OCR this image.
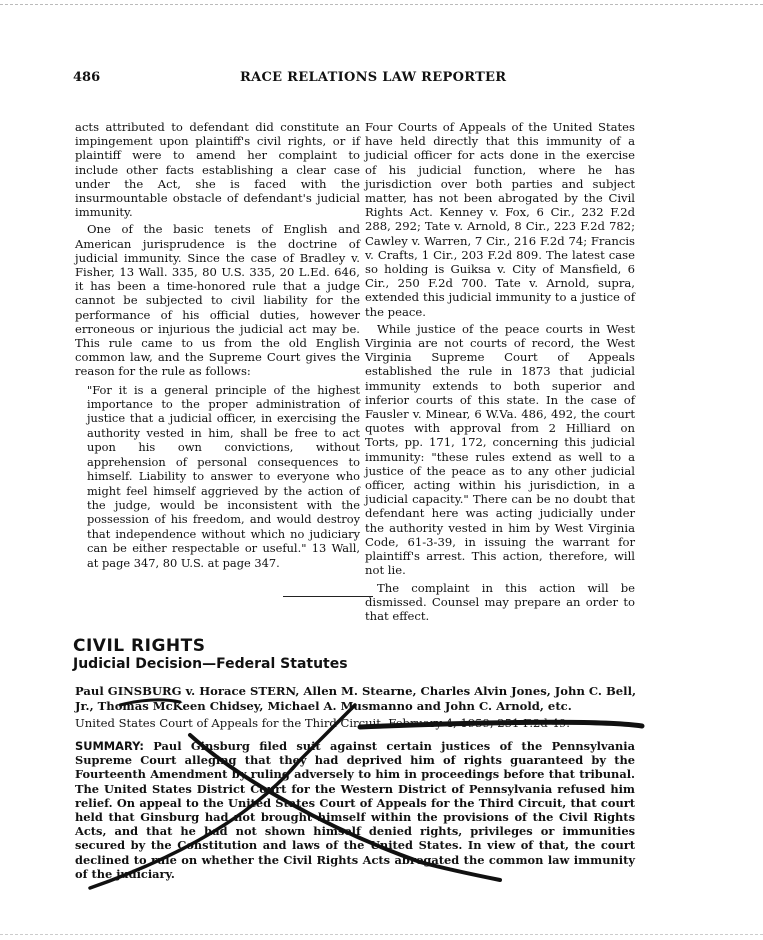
486	RACE RELATIONS LAW REPORTER

acts attributed to defendant did constitute an impingement upon plaintiff's civil rights, or if plaintiff were to amend her complaint to include other facts establishing a clear case under the Act, she is faced with the insurmountable obstacle of defendant's judicial immunity.

One of the basic tenets of English and American jurisprudence is the doctrine of judicial immunity. Since the case of Bradley v. Fisher, 13 Wall. 335, 80 U.S. 335, 20 L.Ed. 646, it has been a time-honored rule that a judge cannot be subjected to civil liability for the performance of his official duties, however erroneous or injurious the judicial act may be. This rule came to us from the old English common law, and the Supreme Court gives the reason for the rule as follows:

"For it is a general principle of the highest importance to the proper administration of justice that a judicial officer, in exercising the authority vested in him, shall be free to act upon his own convictions, without apprehension of personal consequences to himself. Liability to answer to everyone who might feel himself aggrieved by the action of the judge, would be inconsistent with the possession of his freedom, and would destroy that independence without which no judiciary can be either respectable or useful." 13 Wall, at page 347, 80 U.S. at page 347.

Four Courts of Appeals of the United States have held directly that this immunity of a judicial officer for acts done in the exercise of his judicial function, where he has jurisdiction over both parties and subject matter, has not been abrogated by the Civil Rights Act. Kenney v. Fox, 6 Cir., 232 F.2d 288, 292; Tate v. Arnold, 8 Cir., 223 F.2d 782; Cawley v. Warren, 7 Cir., 216 F.2d 74; Francis v. Crafts, 1 Cir., 203 F.2d 809. The latest case so holding is Guiksa v. City of Mansfield, 6 Cir., 250 F.2d 700. Tate v. Arnold, supra, extended this judicial immunity to a justice of the peace.

While justice of the peace courts in West Virginia are not courts of record, the West Virginia Supreme Court of Appeals established the rule in 1873 that judicial immunity extends to both superior and inferior courts of this state. In the case of Fausler v. Minear, 6 W.Va. 486, 492, the court quotes with approval from 2 Hilliard on Torts, pp. 171, 172, concerning this judicial immunity: "these rules extend as well to a justice of the peace as to any other judicial officer, acting within his jurisdiction, in a judicial capacity." There can be no doubt that defendant here was acting judicially under the authority vested in him by West Virginia Code, 61-3-39, in issuing the warrant for plaintiff's arrest. This action, therefore, will not lie.

The complaint in this action will be dismissed. Counsel may prepare an order to that effect.

CIVIL RIGHTS
Judicial Decision—Federal Statutes
Paul GINSBURG v. Horace STERN, Allen M. Stearne, Charles Alvin Jones, John C. Bell, Jr., Thomas McKeen Chidsey, Michael A. Musmanno and John C. Arnold, etc.
United States Court of Appeals for the Third Circuit, February 4, 1959, 251 F.2d 49.
SUMMARY: Paul Ginsburg filed suit against certain justices of the Pennsylvania Supreme Court alleging that they had deprived him of rights guaranteed by the Fourteenth Amendment by ruling adversely to him in proceedings before that tribunal. The United States District Court for the Western District of Pennsylvania refused him relief. On appeal to the United States Court of Appeals for the Third Circuit, that court held that Ginsburg had not brought himself within the provisions of the Civil Rights Acts, and that he had not shown himself denied rights, privileges or immunities secured by the Constitution and laws of the United States. In view of that, the court declined to rule on whether the Civil Rights Acts abrogated the common law immunity of the judiciary.
